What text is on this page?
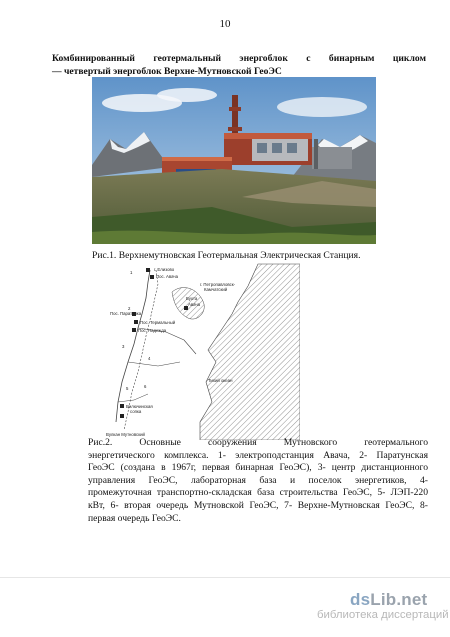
10
Комбинированный геотермальный энергоблок с бинарным циклом
— четвертый энергоблок Верхне-Мутновской ГеоЭС
Рис.1. Верхнемутновская Геотермальная Электрическая Станция.
г. Елизово
Пос. Авача
г. Петропавловск-
Камчатский
Бухта
Авача
Пос. Паратунка
Пос. Термальный
Пос. Надежда
Тихий океан
Вилючинская
сопка
Вулкан Мутновский
1
2
3
4
5	6
Рис.2. Основные сооружения Мутновского геотермального
энергетического комплекса. 1- электроподстанция Авача, 2- Паратунская
ГеоЭС (создана в 1967г, первая бинарная ГеоЭС), 3- центр дистанционного
управления ГеоЭС, лабораторная база и поселок энергетиков, 4-
промежуточная транспортно-складская база строительства ГеоЭС, 5- ЛЭП-220
кВт, 6- вторая очередь Мутновской ГеоЭС, 7- Верхне-Мутновская ГеоЭС, 8-
первая очередь ГеоЭС.
dsLib.net
библиотека диссертаций
